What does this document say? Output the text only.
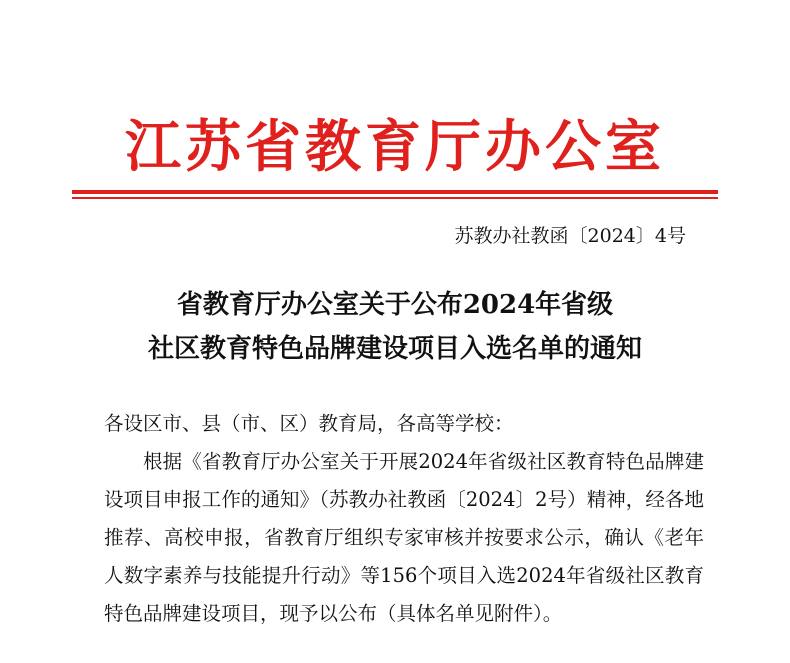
江苏省教育厅办公室
苏教办社教函〔2024〕4号
省教育厅办公室关于公布2024年省级
社区教育特色品牌建设项目入选名单的通知
各设区市、县（市、区）教育局，各高等学校：
根据《省教育厅办公室关于开展2024年省级社区教育特色品牌建设项目申报工作的通知》（苏教办社教函〔2024〕2号）精神，经各地推荐、高校申报，省教育厅组织专家审核并按要求公示，确认《老年人数字素养与技能提升行动》等156个项目入选2024年省级社区教育特色品牌建设项目，现予以公布（具体名单见附件）。
